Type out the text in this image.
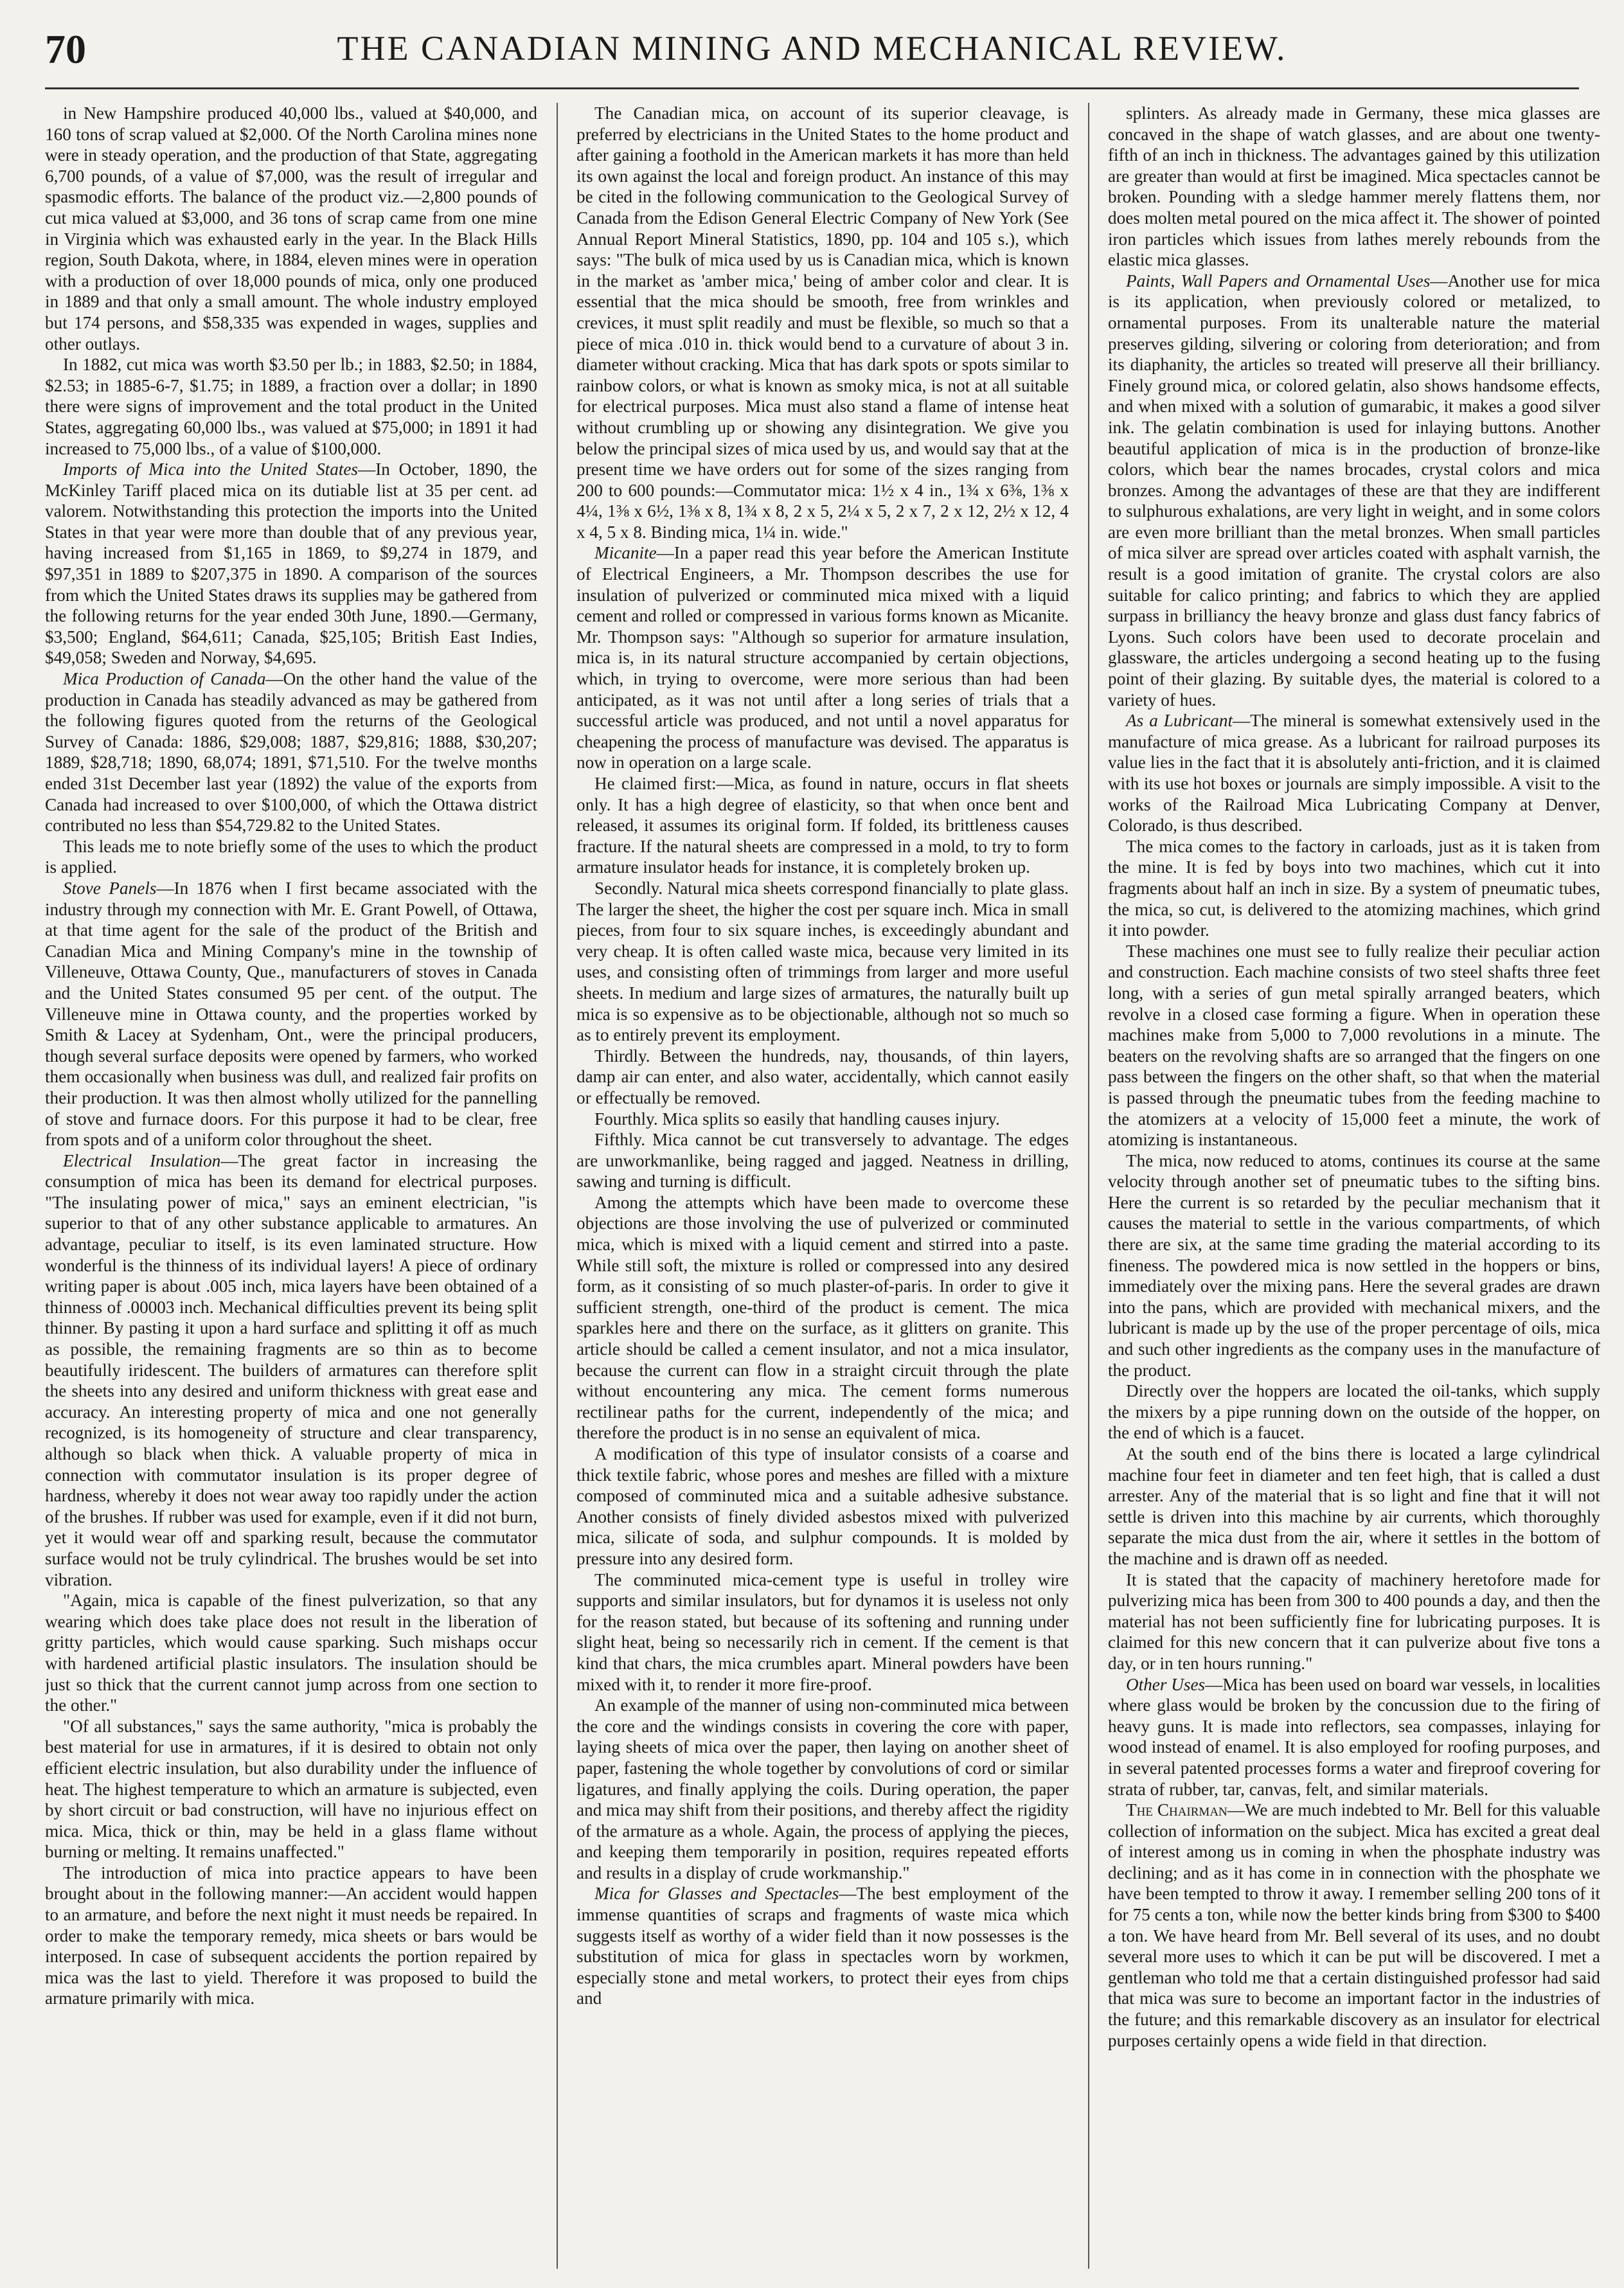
70	THE CANADIAN MINING AND MECHANICAL REVIEW.

in New Hampshire produced 40,000 lbs., valued at $40,000, and 160 tons of scrap valued at $2,000. Of the North Carolina mines none were in steady operation, and the production of that State, aggregating 6,700 pounds, of a value of $7,000, was the result of irregular and spasmodic efforts. The balance of the product viz.—2,800 pounds of cut mica valued at $3,000, and 36 tons of scrap came from one mine in Virginia which was exhausted early in the year. In the Black Hills region, South Dakota, where, in 1884, eleven mines were in operation with a production of over 18,000 pounds of mica, only one produced in 1889 and that only a small amount. The whole industry employed but 174 persons, and $58,335 was expended in wages, supplies and other outlays.

In 1882, cut mica was worth $3.50 per lb.; in 1883, $2.50; in 1884, $2.53; in 1885-6-7, $1.75; in 1889, a fraction over a dollar; in 1890 there were signs of improvement and the total product in the United States, aggregating 60,000 lbs., was valued at $75,000; in 1891 it had increased to 75,000 lbs., of a value of $100,000.

Imports of Mica into the United States—In October, 1890, the McKinley Tariff placed mica on its dutiable list at 35 per cent. ad valorem. Notwithstanding this protection the imports into the United States in that year were more than double that of any previous year, having increased from $1,165 in 1869, to $9,274 in 1879, and $97,351 in 1889 to $207,375 in 1890. A comparison of the sources from which the United States draws its supplies may be gathered from the following returns for the year ended 30th June, 1890.—Germany, $3,500; England, $64,611; Canada, $25,105; British East Indies, $49,058; Sweden and Norway, $4,695.

Mica Production of Canada—On the other hand the value of the production in Canada has steadily advanced as may be gathered from the following figures quoted from the returns of the Geological Survey of Canada: 1886, $29,008; 1887, $29,816; 1888, $30,207; 1889, $28,718; 1890, 68,074; 1891, $71,510. For the twelve months ended 31st December last year (1892) the value of the exports from Canada had increased to over $100,000, of which the Ottawa district contributed no less than $54,729.82 to the United States.

This leads me to note briefly some of the uses to which the product is applied.

Stove Panels—In 1876 when I first became associated with the industry through my connection with Mr. E. Grant Powell, of Ottawa, at that time agent for the sale of the product of the British and Canadian Mica and Mining Company's mine in the township of Villeneuve, Ottawa County, Que., manufacturers of stoves in Canada and the United States consumed 95 per cent. of the output. The Villeneuve mine in Ottawa county, and the properties worked by Smith & Lacey at Sydenham, Ont., were the principal producers, though several surface deposits were opened by farmers, who worked them occasionally when business was dull, and realized fair profits on their production. It was then almost wholly utilized for the pannelling of stove and furnace doors. For this purpose it had to be clear, free from spots and of a uniform color throughout the sheet.

Electrical Insulation—The great factor in increasing the consumption of mica has been its demand for electrical purposes. "The insulating power of mica," says an eminent electrician, "is superior to that of any other substance applicable to armatures. An advantage, peculiar to itself, is its even laminated structure. How wonderful is the thinness of its individual layers! A piece of ordinary writing paper is about .005 inch, mica layers have been obtained of a thinness of .00003 inch. Mechanical difficulties prevent its being split thinner. By pasting it upon a hard surface and splitting it off as much as possible, the remaining fragments are so thin as to become beautifully iridescent. The builders of armatures can therefore split the sheets into any desired and uniform thickness with great ease and accuracy. An interesting property of mica and one not generally recognized, is its homogeneity of structure and clear transparency, although so black when thick. A valuable property of mica in connection with commutator insulation is its proper degree of hardness, whereby it does not wear away too rapidly under the action of the brushes. If rubber was used for example, even if it did not burn, yet it would wear off and sparking result, because the commutator surface would not be truly cylindrical. The brushes would be set into vibration.

"Again, mica is capable of the finest pulverization, so that any wearing which does take place does not result in the liberation of gritty particles, which would cause sparking. Such mishaps occur with hardened artificial plastic insulators. The insulation should be just so thick that the current cannot jump across from one section to the other."

"Of all substances," says the same authority, "mica is probably the best material for use in armatures, if it is desired to obtain not only efficient electric insulation, but also durability under the influence of heat. The highest temperature to which an armature is subjected, even by short circuit or bad construction, will have no injurious effect on mica. Mica, thick or thin, may be held in a glass flame without burning or melting. It remains unaffected."

The introduction of mica into practice appears to have been brought about in the following manner:—An accident would happen to an armature, and before the next night it must needs be repaired. In order to make the temporary remedy, mica sheets or bars would be interposed. In case of subsequent accidents the portion repaired by mica was the last to yield. Therefore it was proposed to build the armature primarily with mica.

The Canadian mica, on account of its superior cleavage, is preferred by electricians in the United States to the home product and after gaining a foothold in the American markets it has more than held its own against the local and foreign product. An instance of this may be cited in the following communication to the Geological Survey of Canada from the Edison General Electric Company of New York (See Annual Report Mineral Statistics, 1890, pp. 104 and 105 s.), which says: "The bulk of mica used by us is Canadian mica, which is known in the market as 'amber mica,' being of amber color and clear. It is essential that the mica should be smooth, free from wrinkles and crevices, it must split readily and must be flexible, so much so that a piece of mica .010 in. thick would bend to a curvature of about 3 in. diameter without cracking. Mica that has dark spots or spots similar to rainbow colors, or what is known as smoky mica, is not at all suitable for electrical purposes. Mica must also stand a flame of intense heat without crumbling up or showing any disintegration. We give you below the principal sizes of mica used by us, and would say that at the present time we have orders out for some of the sizes ranging from 200 to 600 pounds:—Commutator mica: 1½ x 4 in., 1¾ x 6⅜, 1⅜ x 4¼, 1⅜ x 6½, 1⅜ x 8, 1¾ x 8, 2 x 5, 2¼ x 5, 2 x 7, 2 x 12, 2½ x 12, 4 x 4, 5 x 8. Binding mica, 1¼ in. wide."

Micanite—In a paper read this year before the American Institute of Electrical Engineers, a Mr. Thompson describes the use for insulation of pulverized or comminuted mica mixed with a liquid cement and rolled or compressed in various forms known as Micanite. Mr. Thompson says: "Although so superior for armature insulation, mica is, in its natural structure accompanied by certain objections, which, in trying to overcome, were more serious than had been anticipated, as it was not until after a long series of trials that a successful article was produced, and not until a novel apparatus for cheapening the process of manufacture was devised. The apparatus is now in operation on a large scale.

He claimed first:—Mica, as found in nature, occurs in flat sheets only. It has a high degree of elasticity, so that when once bent and released, it assumes its original form. If folded, its brittleness causes fracture. If the natural sheets are compressed in a mold, to try to form armature insulator heads for instance, it is completely broken up.

Secondly. Natural mica sheets correspond financially to plate glass. The larger the sheet, the higher the cost per square inch. Mica in small pieces, from four to six square inches, is exceedingly abundant and very cheap. It is often called waste mica, because very limited in its uses, and consisting often of trimmings from larger and more useful sheets. In medium and large sizes of armatures, the naturally built up mica is so expensive as to be objectionable, although not so much so as to entirely prevent its employment.

Thirdly. Between the hundreds, nay, thousands, of thin layers, damp air can enter, and also water, accidentally, which cannot easily or effectually be removed.

Fourthly. Mica splits so easily that handling causes injury.

Fifthly. Mica cannot be cut transversely to advantage. The edges are unworkmanlike, being ragged and jagged. Neatness in drilling, sawing and turning is difficult.

Among the attempts which have been made to overcome these objections are those involving the use of pulverized or comminuted mica, which is mixed with a liquid cement and stirred into a paste. While still soft, the mixture is rolled or compressed into any desired form, as it consisting of so much plaster-of-paris. In order to give it sufficient strength, one-third of the product is cement. The mica sparkles here and there on the surface, as it glitters on granite. This article should be called a cement insulator, and not a mica insulator, because the current can flow in a straight circuit through the plate without encountering any mica. The cement forms numerous rectilinear paths for the current, independently of the mica; and therefore the product is in no sense an equivalent of mica.

A modification of this type of insulator consists of a coarse and thick textile fabric, whose pores and meshes are filled with a mixture composed of comminuted mica and a suitable adhesive substance. Another consists of finely divided asbestos mixed with pulverized mica, silicate of soda, and sulphur compounds. It is molded by pressure into any desired form.

The comminuted mica-cement type is useful in trolley wire supports and similar insulators, but for dynamos it is useless not only for the reason stated, but because of its softening and running under slight heat, being so necessarily rich in cement. If the cement is that kind that chars, the mica crumbles apart. Mineral powders have been mixed with it, to render it more fire-proof.

An example of the manner of using non-comminuted mica between the core and the windings consists in covering the core with paper, laying sheets of mica over the paper, then laying on another sheet of paper, fastening the whole together by convolutions of cord or similar ligatures, and finally applying the coils. During operation, the paper and mica may shift from their positions, and thereby affect the rigidity of the armature as a whole. Again, the process of applying the pieces, and keeping them temporarily in position, requires repeated efforts and results in a display of crude workmanship."

Mica for Glasses and Spectacles—The best employment of the immense quantities of scraps and fragments of waste mica which suggests itself as worthy of a wider field than it now possesses is the substitution of mica for glass in spectacles worn by workmen, especially stone and metal workers, to protect their eyes from chips and

splinters. As already made in Germany, these mica glasses are concaved in the shape of watch glasses, and are about one twenty-fifth of an inch in thickness. The advantages gained by this utilization are greater than would at first be imagined. Mica spectacles cannot be broken. Pounding with a sledge hammer merely flattens them, nor does molten metal poured on the mica affect it. The shower of pointed iron particles which issues from lathes merely rebounds from the elastic mica glasses.

Paints, Wall Papers and Ornamental Uses—Another use for mica is its application, when previously colored or metalized, to ornamental purposes. From its unalterable nature the material preserves gilding, silvering or coloring from deterioration; and from its diaphanity, the articles so treated will preserve all their brilliancy. Finely ground mica, or colored gelatin, also shows handsome effects, and when mixed with a solution of gumarabic, it makes a good silver ink. The gelatin combination is used for inlaying buttons. Another beautiful application of mica is in the production of bronze-like colors, which bear the names brocades, crystal colors and mica bronzes. Among the advantages of these are that they are indifferent to sulphurous exhalations, are very light in weight, and in some colors are even more brilliant than the metal bronzes. When small particles of mica silver are spread over articles coated with asphalt varnish, the result is a good imitation of granite. The crystal colors are also suitable for calico printing; and fabrics to which they are applied surpass in brilliancy the heavy bronze and glass dust fancy fabrics of Lyons. Such colors have been used to decorate procelain and glassware, the articles undergoing a second heating up to the fusing point of their glazing. By suitable dyes, the material is colored to a variety of hues.

As a Lubricant—The mineral is somewhat extensively used in the manufacture of mica grease. As a lubricant for railroad purposes its value lies in the fact that it is absolutely anti-friction, and it is claimed with its use hot boxes or journals are simply impossible. A visit to the works of the Railroad Mica Lubricating Company at Denver, Colorado, is thus described.

The mica comes to the factory in carloads, just as it is taken from the mine. It is fed by boys into two machines, which cut it into fragments about half an inch in size. By a system of pneumatic tubes, the mica, so cut, is delivered to the atomizing machines, which grind it into powder.

These machines one must see to fully realize their peculiar action and construction. Each machine consists of two steel shafts three feet long, with a series of gun metal spirally arranged beaters, which revolve in a closed case forming a figure. When in operation these machines make from 5,000 to 7,000 revolutions in a minute. The beaters on the revolving shafts are so arranged that the fingers on one pass between the fingers on the other shaft, so that when the material is passed through the pneumatic tubes from the feeding machine to the atomizers at a velocity of 15,000 feet a minute, the work of atomizing is instantaneous.

The mica, now reduced to atoms, continues its course at the same velocity through another set of pneumatic tubes to the sifting bins. Here the current is so retarded by the peculiar mechanism that it causes the material to settle in the various compartments, of which there are six, at the same time grading the material according to its fineness. The powdered mica is now settled in the hoppers or bins, immediately over the mixing pans. Here the several grades are drawn into the pans, which are provided with mechanical mixers, and the lubricant is made up by the use of the proper percentage of oils, mica and such other ingredients as the company uses in the manufacture of the product.

Directly over the hoppers are located the oil-tanks, which supply the mixers by a pipe running down on the outside of the hopper, on the end of which is a faucet.

At the south end of the bins there is located a large cylindrical machine four feet in diameter and ten feet high, that is called a dust arrester. Any of the material that is so light and fine that it will not settle is driven into this machine by air currents, which thoroughly separate the mica dust from the air, where it settles in the bottom of the machine and is drawn off as needed.

It is stated that the capacity of machinery heretofore made for pulverizing mica has been from 300 to 400 pounds a day, and then the material has not been sufficiently fine for lubricating purposes. It is claimed for this new concern that it can pulverize about five tons a day, or in ten hours running."

Other Uses—Mica has been used on board war vessels, in localities where glass would be broken by the concussion due to the firing of heavy guns. It is made into reflectors, sea compasses, inlaying for wood instead of enamel. It is also employed for roofing purposes, and in several patented processes forms a water and fireproof covering for strata of rubber, tar, canvas, felt, and similar materials.

The Chairman—We are much indebted to Mr. Bell for this valuable collection of information on the subject. Mica has excited a great deal of interest among us in coming in when the phosphate industry was declining; and as it has come in in connection with the phosphate we have been tempted to throw it away. I remember selling 200 tons of it for 75 cents a ton, while now the better kinds bring from $300 to $400 a ton. We have heard from Mr. Bell several of its uses, and no doubt several more uses to which it can be put will be discovered. I met a gentleman who told me that a certain distinguished professor had said that mica was sure to become an important factor in the industries of the future; and this remarkable discovery as an insulator for electrical purposes certainly opens a wide field in that direction.
